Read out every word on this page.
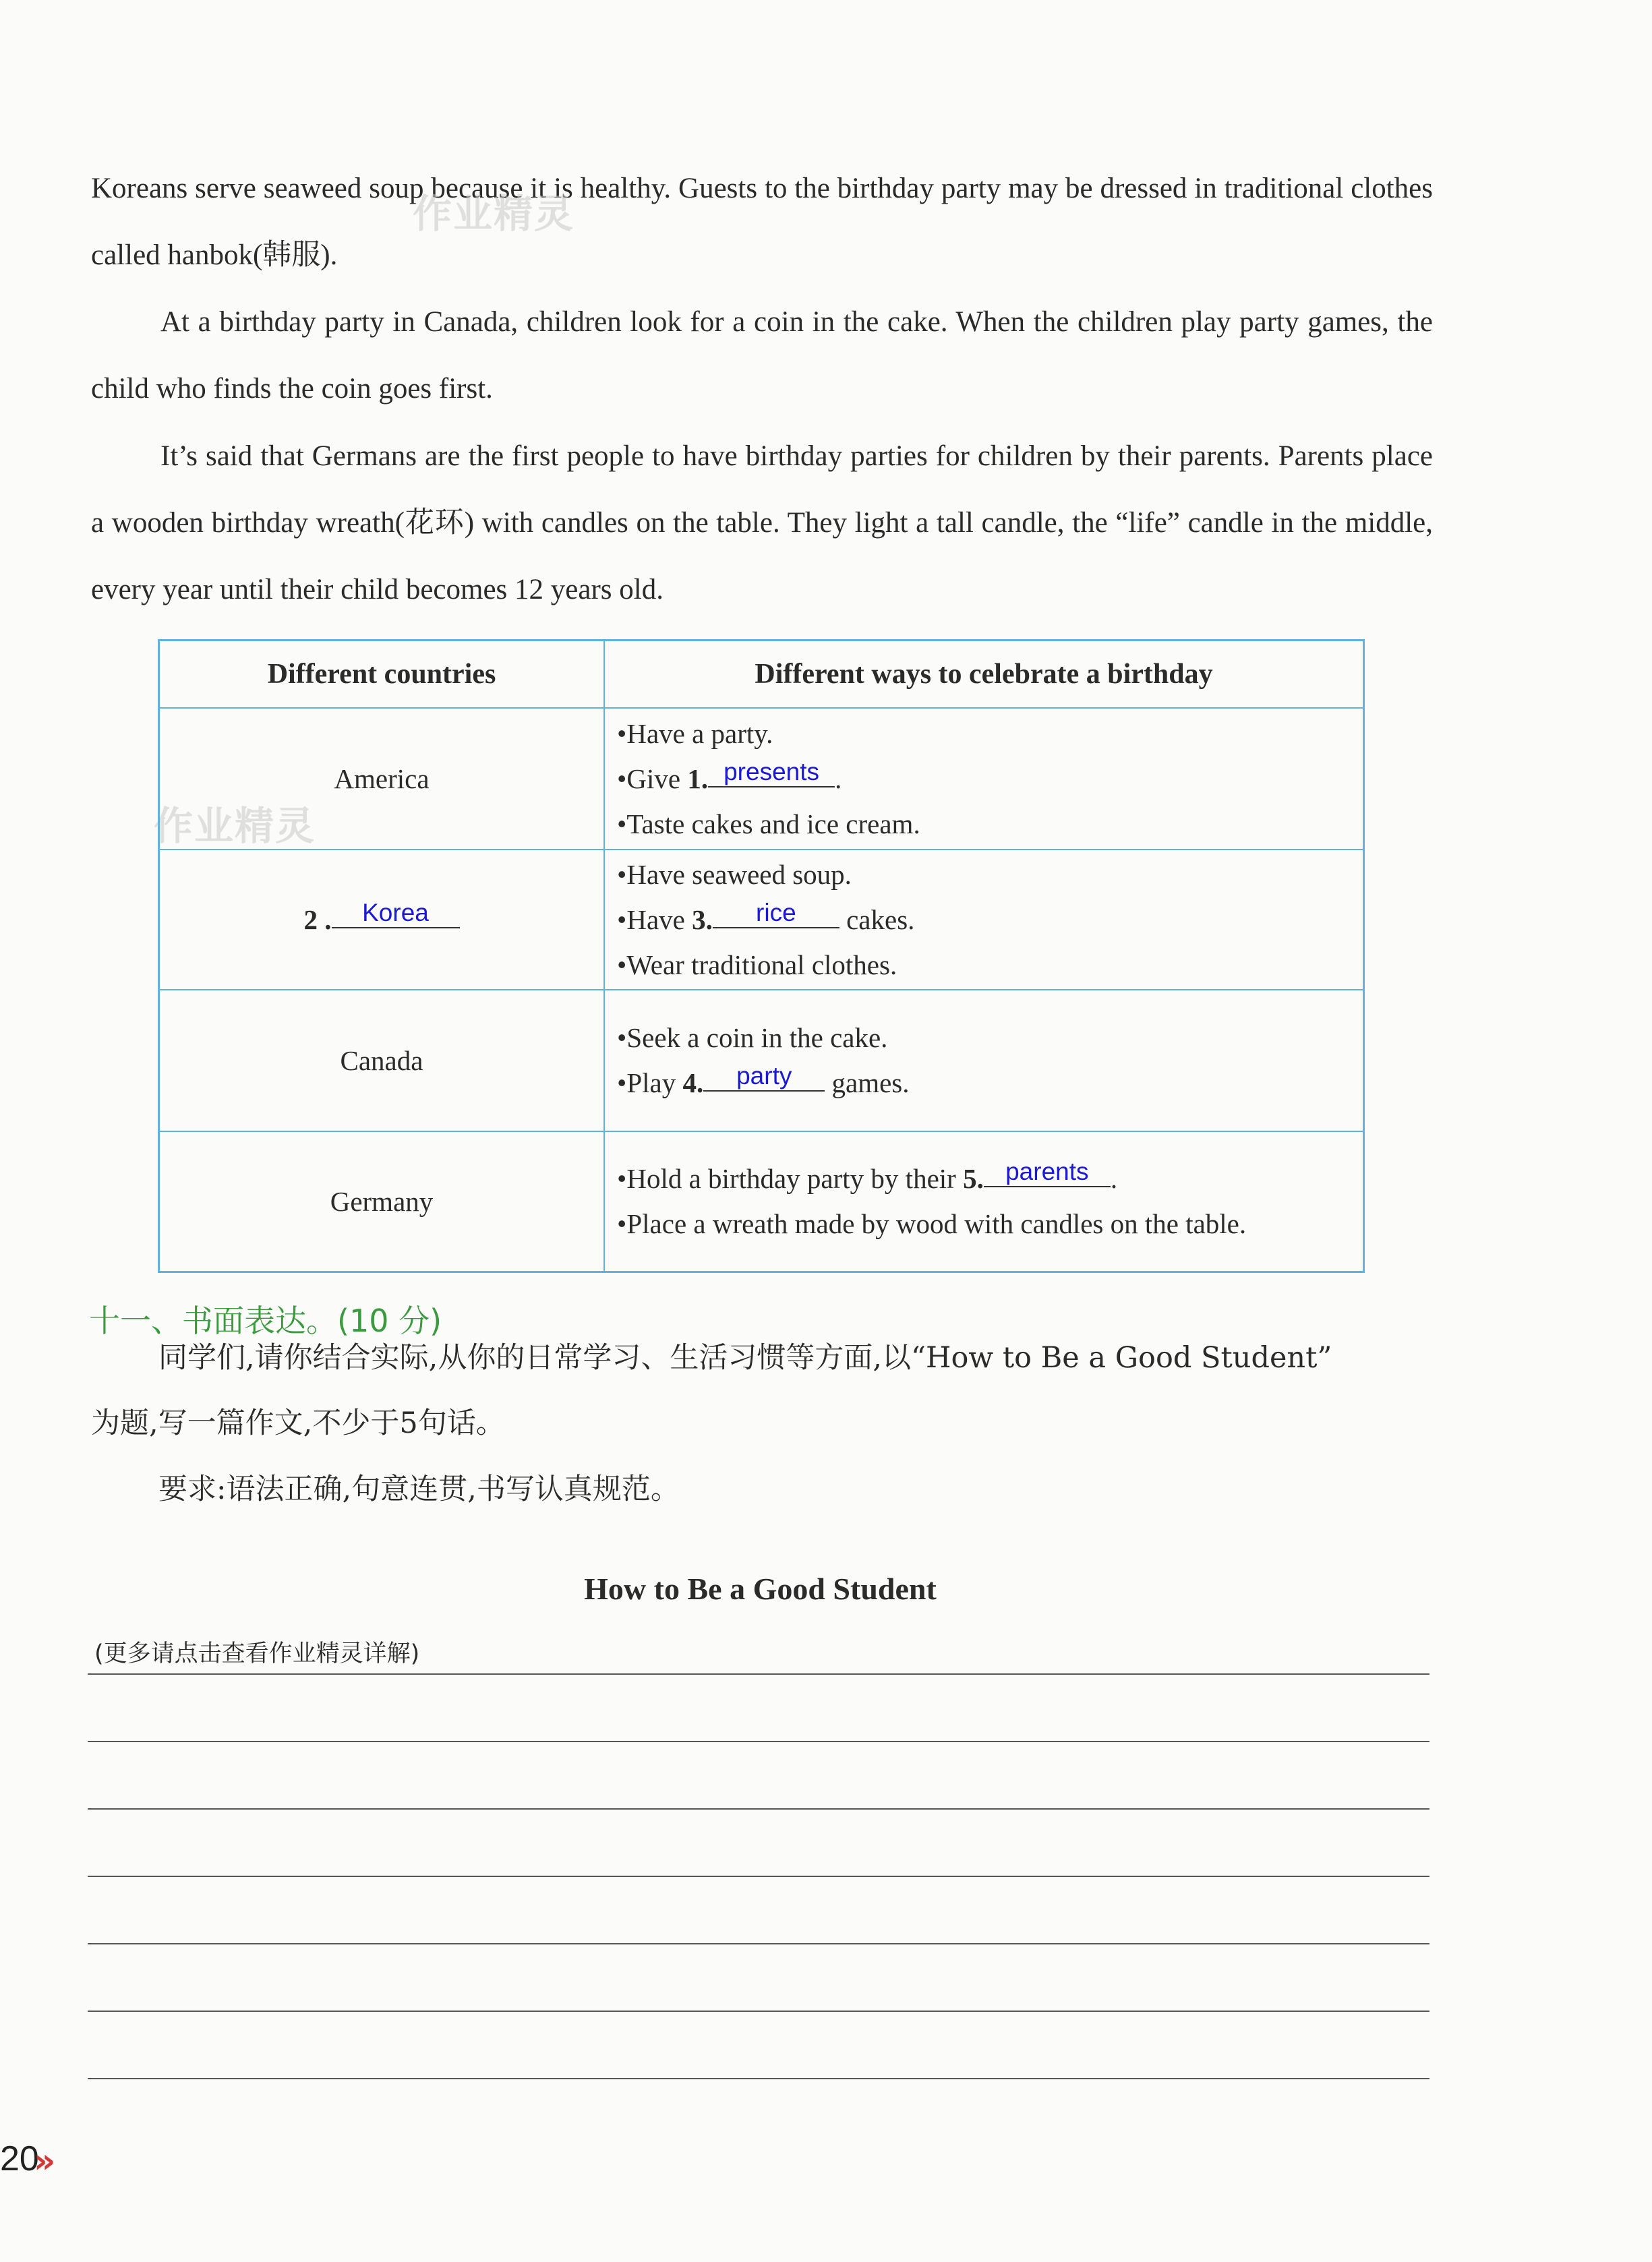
Koreans serve seaweed soup because it is healthy. Guests to the birthday party may be dressed in traditional clothes called hanbok(韩服).

At a birthday party in Canada, children look for a coin in the cake. When the children play party games, the child who finds the coin goes first.

It’s said that Germans are the first people to have birthday parties for children by their parents. Parents place a wooden birthday wreath(花环) with candles on the table. They light a tall candle, the “life” candle in the middle, every year until their child becomes 12 years old.

作业精灵
作业精灵
Different countries	Different ways to celebrate a birthday
America	•Have a party.
•Give 1. presents .
•Taste cakes and ice cream.

2 . Korea	•Have seaweed soup.
•Have 3. rice cakes.
•Wear traditional clothes.

Canada	•Seek a coin in the cake.
•Play 4. party games.

Germany	•Hold a birthday party by their 5. parents .
•Place a wreath made by wood with candles on the table.
十一、书面表达。(10 分)

同学们,请你结合实际,从你的日常学习、生活习惯等方面,以“How to Be a Good Student”

为题,写一篇作文,不少于5句话。

要求:语法正确,句意连贯,书写认真规范。

How to Be a Good Student
(更多请点击查看作业精灵详解)
20
»
